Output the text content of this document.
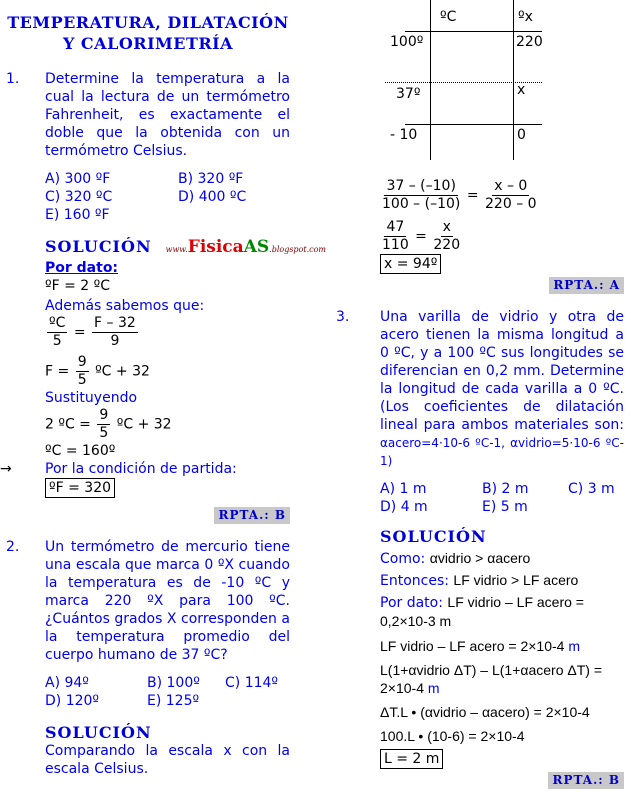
TEMPERATURA, DILATACIÓN
Y CALORIMETRÍA
1.	Determine la temperatura a la cual la lectura de un termómetro Fahrenheit, es exactamente el doble que la obtenida con un termómetro Celsius.
A) 300 ºF	B) 320 ºF
C) 320 ºC	D) 400 ºC
E) 160 ºF
SOLUCIÓN www.FisicaAS.blogspot.com
Por dato:
ºF = 2 ºC
Además sabemos que:
$\frac{\text{ºC}}{5} = \frac{F - 32}{9}$
$F = \frac{9}{5}$ ºC + 32
Sustituyendo
2 ºC = $\frac{9}{5}$ ºC + 32
ºC = 160º
→ Por la condición de partida:
ºF = 320
RPTA.: B
2.	Un termómetro de mercurio tiene una escala que marca 0 ºX cuando la temperatura es de -10 ºC y marca 220 ºX para 100 ºC. ¿Cuántos grados X corresponden a la temperatura promedio del cuerpo humano de 37 ºC?
A) 94º	B) 100º	C) 114º
D) 120º	E) 125º
SOLUCIÓN
Comparando la escala x con la escala Celsius.
ºC	ºx
100º	220
37º	x
- 10	0
$\frac{37 - (-10)}{100 - (-10)} = \frac{x - 0}{220 - 0}$
$\frac{47}{110} = \frac{x}{220}$
x = 94º
RPTA.: A
3.	Una varilla de vidrio y otra de acero tienen la misma longitud a 0 ºC, y a 100 ºC sus longitudes se diferencian en 0,2 mm. Determine la longitud de cada varilla a 0 ºC. (Los coeficientes de dilatación lineal para ambos materiales son: αacero=4·10-6 ºC-1, αvidrio=5·10-6 ºC-1)
A) 1 m	B) 2 m	C) 3 m
D) 4 m	E) 5 m
SOLUCIÓN
Como: αvidrio > αacero
Entonces: LF vidrio > LF acero
Por dato: LF vidrio – LF acero = 0,2×10-3 m
LF vidrio – LF acero = 2×10-4 m
L(1+αvidrio ΔT) – L(1+αacero ΔT) = 2×10-4 m
ΔT.L • (αvidrio – αacero) = 2×10-4
100.L • (10-6) = 2×10-4
L = 2 m
RPTA.: B
